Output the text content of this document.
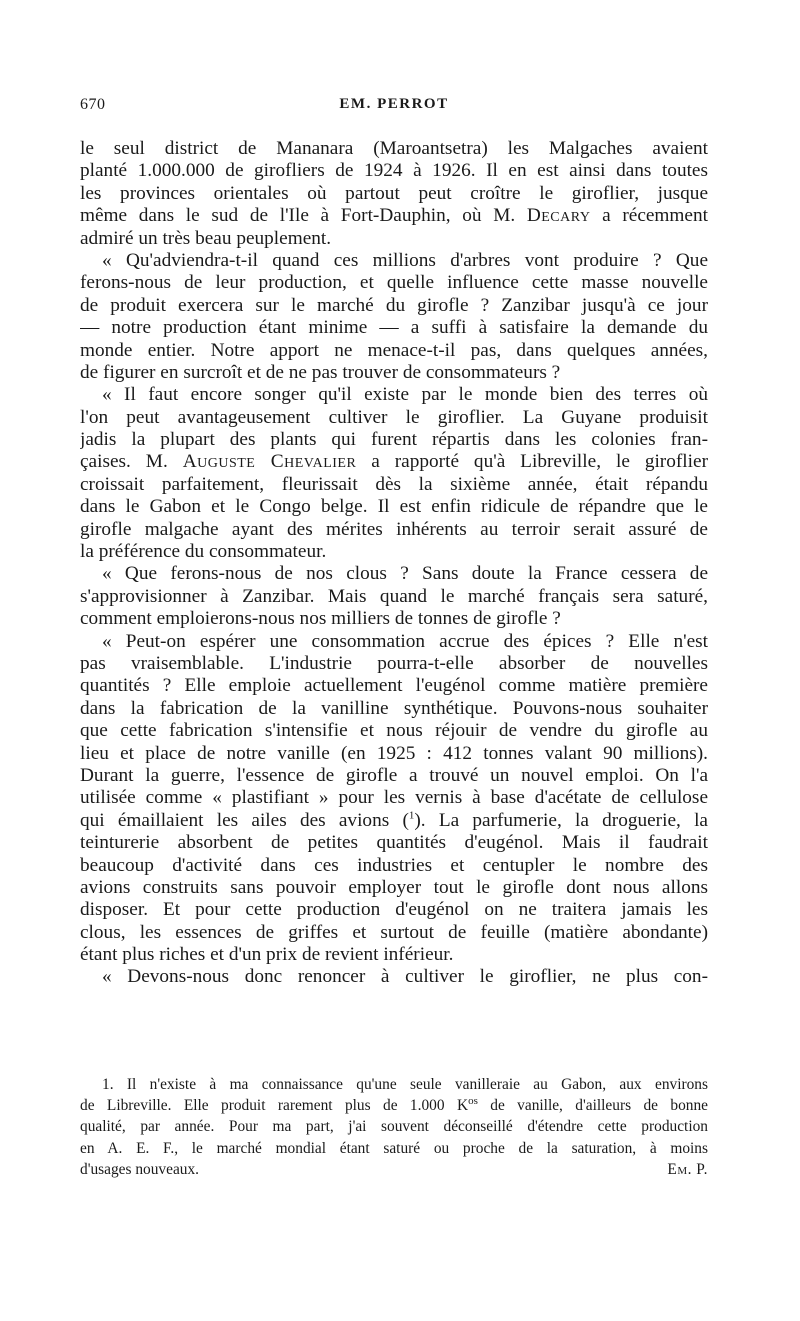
670	EM. PERROT
le seul district de Mananara (Maroantsetra) les Malgaches avaient
planté 1.000.000 de girofliers de 1924 à 1926. Il en est ainsi dans toutes
les provinces orientales où partout peut croître le giroflier, jusque
même dans le sud de l'Ile à Fort-Dauphin, où M. Decary a récemment
admiré un très beau peuplement.
« Qu'adviendra-t-il quand ces millions d'arbres vont produire ? Que
ferons-nous de leur production, et quelle influence cette masse nouvelle
de produit exercera sur le marché du girofle ? Zanzibar jusqu'à ce jour
— notre production étant minime — a suffi à satisfaire la demande du
monde entier. Notre apport ne menace-t-il pas, dans quelques années,
de figurer en surcroît et de ne pas trouver de consommateurs ?
« Il faut encore songer qu'il existe par le monde bien des terres où
l'on peut avantageusement cultiver le giroflier. La Guyane produisit
jadis la plupart des plants qui furent répartis dans les colonies fran-
çaises. M. Auguste Chevalier a rapporté qu'à Libreville, le giroflier
croissait parfaitement, fleurissait dès la sixième année, était répandu
dans le Gabon et le Congo belge. Il est enfin ridicule de répandre que le
girofle malgache ayant des mérites inhérents au terroir serait assuré de
la préférence du consommateur.
« Que ferons-nous de nos clous ? Sans doute la France cessera de
s'approvisionner à Zanzibar. Mais quand le marché français sera saturé,
comment emploierons-nous nos milliers de tonnes de girofle ?
« Peut-on espérer une consommation accrue des épices ? Elle n'est
pas vraisemblable. L'industrie pourra-t-elle absorber de nouvelles
quantités ? Elle emploie actuellement l'eugénol comme matière première
dans la fabrication de la vanilline synthétique. Pouvons-nous souhaiter
que cette fabrication s'intensifie et nous réjouir de vendre du girofle au
lieu et place de notre vanille (en 1925 : 412 tonnes valant 90 millions).
Durant la guerre, l'essence de girofle a trouvé un nouvel emploi. On l'a
utilisée comme « plastifiant » pour les vernis à base d'acétate de cellulose
qui émaillaient les ailes des avions ($^1$). La parfumerie, la droguerie, la
teinturerie absorbent de petites quantités d'eugénol. Mais il faudrait
beaucoup d'activité dans ces industries et centupler le nombre des
avions construits sans pouvoir employer tout le girofle dont nous allons
disposer. Et pour cette production d'eugénol on ne traitera jamais les
clous, les essences de griffes et surtout de feuille (matière abondante)
étant plus riches et d'un prix de revient inférieur.
« Devons-nous donc renoncer à cultiver le giroflier, ne plus con-
1. Il n'existe à ma connaissance qu'une seule vanilleraie au Gabon, aux environs
de Libreville. Elle produit rarement plus de 1.000 $K^{os}$ de vanille, d'ailleurs de bonne
qualité, par année. Pour ma part, j'ai souvent déconseillé d'étendre cette production
en A. E. F., le marché mondial étant saturé ou proche de la saturation, à moins
d'usages nouveaux.	Em. P.
